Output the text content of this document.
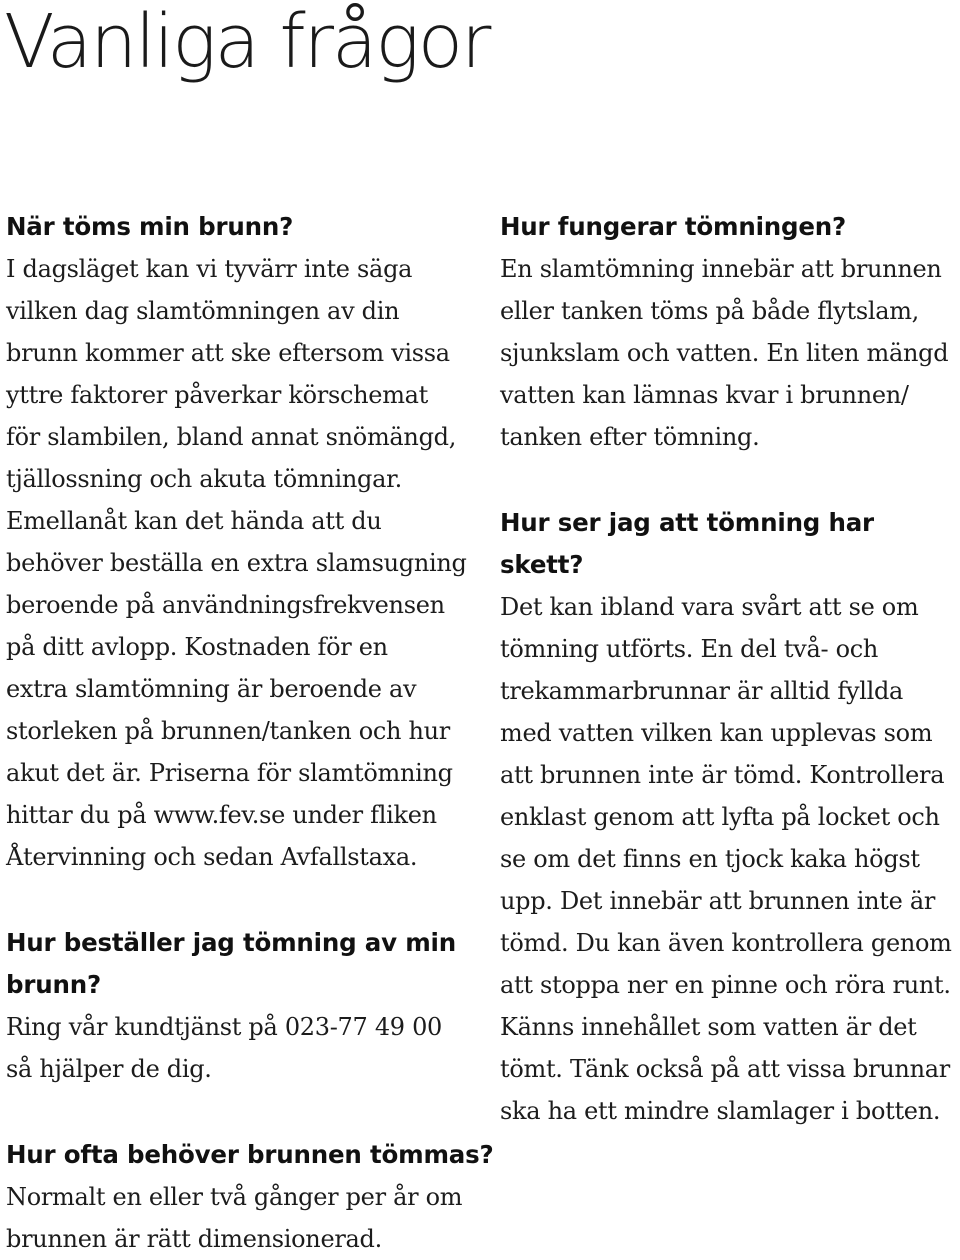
Vanliga frågor
När töms min brunn?

I dagsläget kan vi tyvärr inte säga
vilken dag slamtömningen av din
brunn kommer att ske eftersom vissa
yttre faktorer påverkar körschemat
för slambilen, bland annat snömängd,
tjällossning och akuta tömningar.
Emellanåt kan det hända att du
behöver beställa en extra slamsugning
beroende på användningsfrekvensen
på ditt avlopp. Kostnaden för en
extra slamtömning är beroende av
storleken på brunnen/tanken och hur
akut det är. Priserna för slamtömning
hittar du på www.fev.se under fliken
Återvinning och sedan Avfallstaxa.

Hur beställer jag tömning av min
brunn?

Ring vår kundtjänst på 023-77 49 00
så hjälper de dig.

Hur fungerar tömningen?

En slamtömning innebär att brunnen
eller tanken töms på både flytslam,
sjunkslam och vatten. En liten mängd
vatten kan lämnas kvar i brunnen/
tanken efter tömning.

Hur ser jag att tömning har skett?

Det kan ibland vara svårt att se om
tömning utförts. En del två- och
trekammarbrunnar är alltid fyllda
med vatten vilken kan upplevas som
att brunnen inte är tömd. Kontrollera
enklast genom att lyfta på locket och
se om det finns en tjock kaka högst
upp. Det innebär att brunnen inte är
tömd. Du kan även kontrollera genom
att stoppa ner en pinne och röra runt.
Känns innehållet som vatten är det
tömt. Tänk också på att vissa brunnar
ska ha ett mindre slamlager i botten.

Hur ofta behöver brunnen tömmas?

Normalt en eller två gånger per år om
brunnen är rätt dimensionerad.
